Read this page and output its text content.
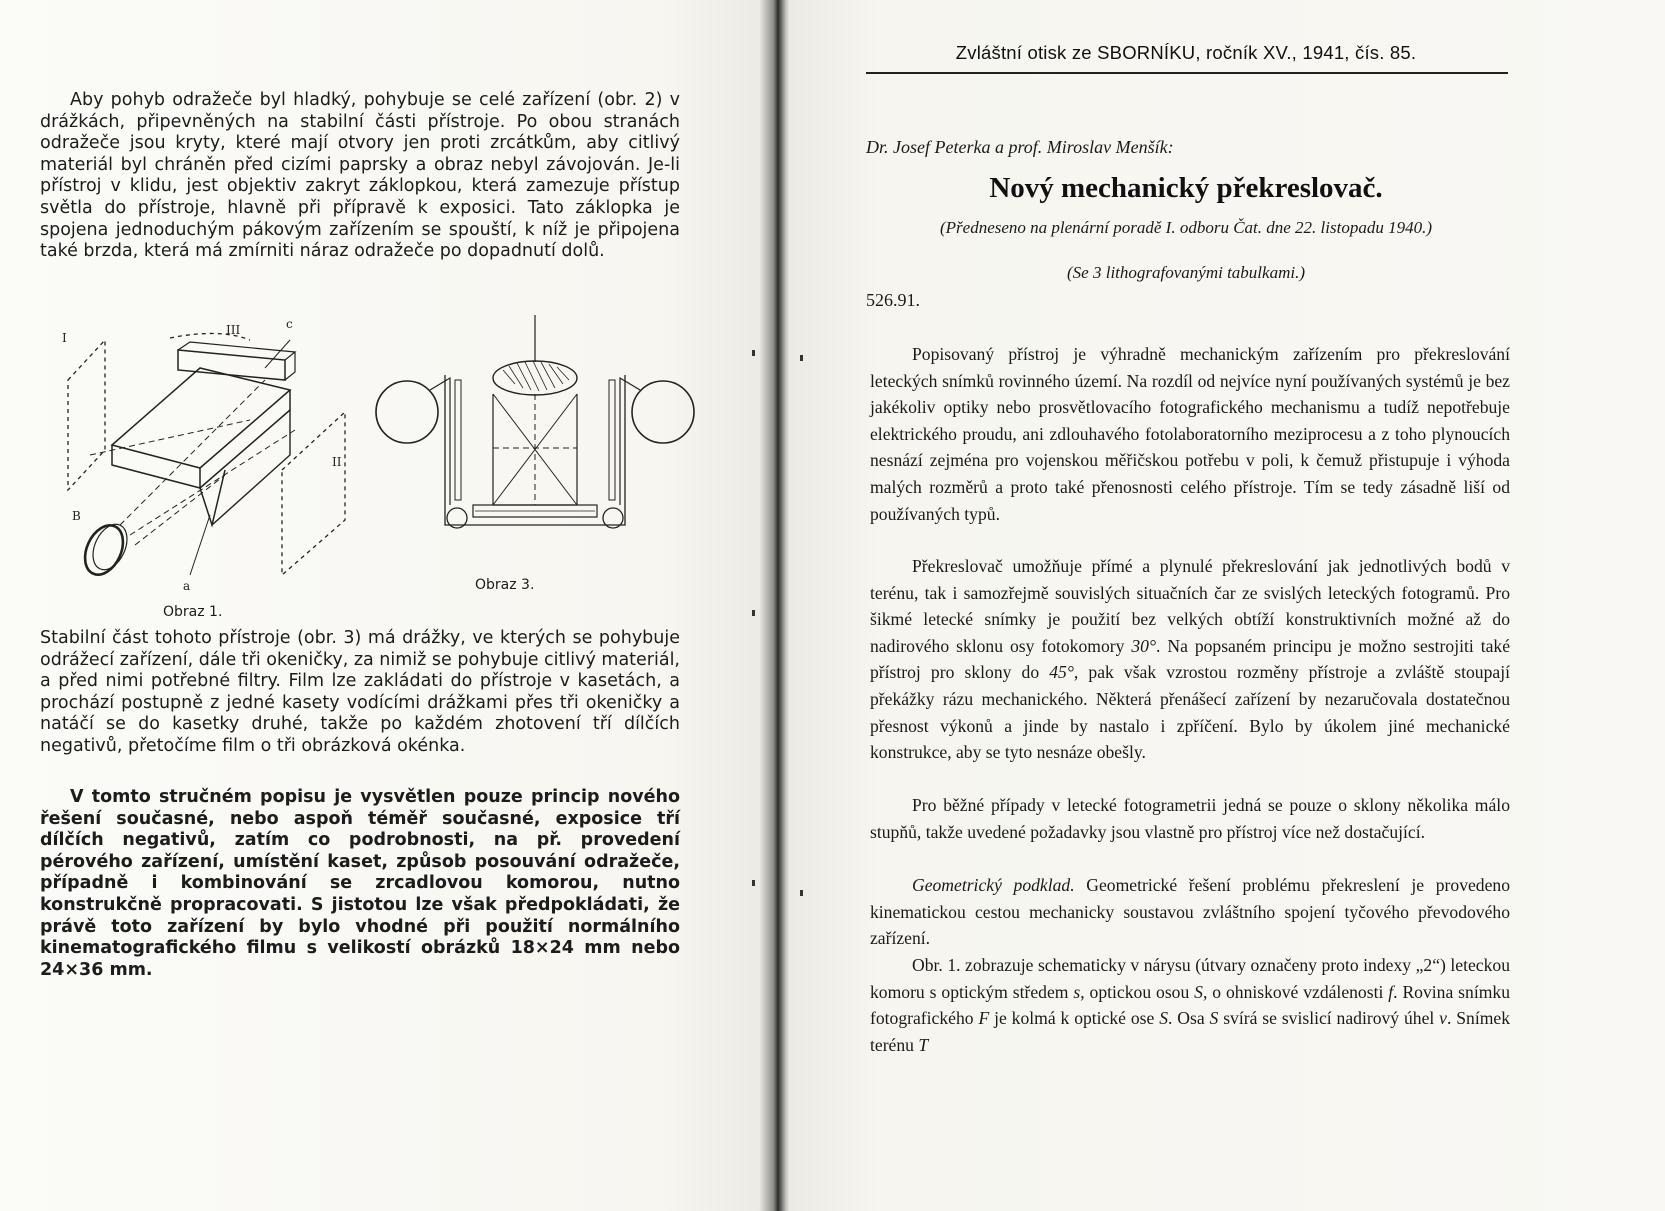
Aby pohyb odražeče byl hladký, pohybuje se celé zařízení (obr. 2) v drážkách, připevněných na stabilní části přístroje. Po obou stranách odražeče jsou kryty, které mají otvory jen proti zrcátkům, aby citlivý materiál byl chráněn před cizími paprsky a obraz nebyl závojován. Je-li přístroj v klidu, jest objektiv zakryt záklopkou, která zamezuje přístup světla do přístroje, hlavně při přípravě k exposici. Tato záklopka je spojena jednoduchým pákovým zařízením se spouští, k níž je připojena také brzda, která má zmírniti náraz odražeče po dopadnutí dolů.

I
III	c
II
B
a

Obraz 1.

Obraz 3.

Stabilní část tohoto přístroje (obr. 3) má drážky, ve kterých se pohybuje odrážecí zařízení, dále tři okeničky, za nimiž se pohybuje citlivý materiál, a před nimi potřebné filtry. Film lze zakládati do přístroje v kasetách, a prochází postupně z jedné kasety vodícími drážkami přes tři okeničky a natáčí se do kasetky druhé, takže po každém zhotovení tří dílčích negativů, přetočíme film o tři obrázková okénka.

V tomto stručném popisu je vysvětlen pouze princip nového řešení současné, nebo aspoň téměř současné, exposice tří dílčích negativů, zatím co podrobnosti, na př. provedení pérového zařízení, umístění kaset, způsob posouvání odražeče, případně i kombinování se zrcadlovou komorou, nutno konstrukčně propracovati. S jistotou lze však předpokládati, že právě toto zařízení by bylo vhodné při použití normálního kinematografického filmu s velikostí obrázků 18×24 mm nebo 24×36 mm.

Zvláštní otisk ze SBORNÍKU, ročník XV., 1941, čís. 85.

Dr. Josef Peterka a prof. Miroslav Menšík:

Nový mechanický překreslovač.

(Předneseno na plenární poradě I. odboru Čat. dne 22. listopadu 1940.)

(Se 3 lithografovanými tabulkami.)

526.91.

Popisovaný přístroj je výhradně mechanickým zařízením pro překreslování leteckých snímků rovinného území. Na rozdíl od nejvíce nyní používaných systémů je bez jakékoliv optiky nebo prosvětlovacího fotografického mechanismu a tudíž nepotřebuje elektrického proudu, ani zdlouhavého fotolaboratorního meziprocesu a z toho plynoucích nesnází zejména pro vojenskou měřičskou potřebu v poli, k čemuž přistupuje i výhoda malých rozměrů a proto také přenosnosti celého přístroje. Tím se tedy zásadně liší od používaných typů.

Překreslovač umožňuje přímé a plynulé překreslování jak jednotlivých bodů v terénu, tak i samozřejmě souvislých situačních čar ze svislých leteckých fotogramů. Pro šikmé letecké snímky je použití bez velkých obtíží konstruktivních možné až do nadirového sklonu osy fotokomory 30°. Na popsaném principu je možno sestrojiti také přístroj pro sklony do 45°, pak však vzrostou rozměny přístroje a zvláště stoupají překážky rázu mechanického. Některá přenášecí zařízení by nezaručovala dostatečnou přesnost výkonů a jinde by nastalo i zpříčení. Bylo by úkolem jiné mechanické konstrukce, aby se tyto nesnáze obešly.

Pro běžné případy v letecké fotogrametrii jedná se pouze o sklony několika málo stupňů, takže uvedené požadavky jsou vlastně pro přístroj více než dostačující.

Geometrický podklad. Geometrické řešení problému překreslení je provedeno kinematickou cestou mechanicky soustavou zvláštního spojení tyčového převodového zařízení.

Obr. 1. zobrazuje schematicky v nárysu (útvary označeny proto indexy „2“) leteckou komoru s optickým středem s, optickou osou S, o ohniskové vzdálenosti f. Rovina snímku fotografického F je kolmá k optické ose S. Osa S svírá se svislicí nadirový úhel ν. Snímek terénu T
